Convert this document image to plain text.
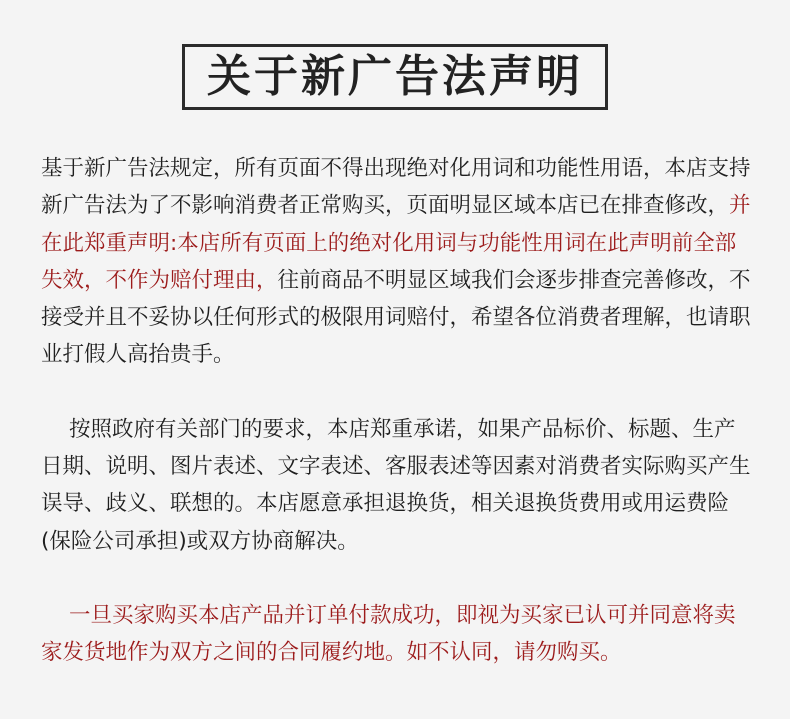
关于新广告法声明

基于新广告法规定，所有页面不得出现绝对化用词和功能性用语，本店支持新广告法为了不影响消费者正常购买，页面明显区域本店已在排查修改，并在此郑重声明:本店所有页面上的绝对化用词与功能性用词在此声明前全部失效，不作为赔付理由，往前商品不明显区域我们会逐步排查完善修改，不接受并且不妥协以任何形式的极限用词赔付，希望各位消费者理解，也请职业打假人高抬贵手。

按照政府有关部门的要求，本店郑重承诺，如果产品标价、标题、生产日期、说明、图片表述、文字表述、客服表述等因素对消费者实际购买产生误导、歧义、联想的。本店愿意承担退换货，相关退换货费用或用运费险(保险公司承担)或双方协商解决。

一旦买家购买本店产品并订单付款成功，即视为买家已认可并同意将卖家发货地作为双方之间的合同履约地。如不认同，请勿购买。
